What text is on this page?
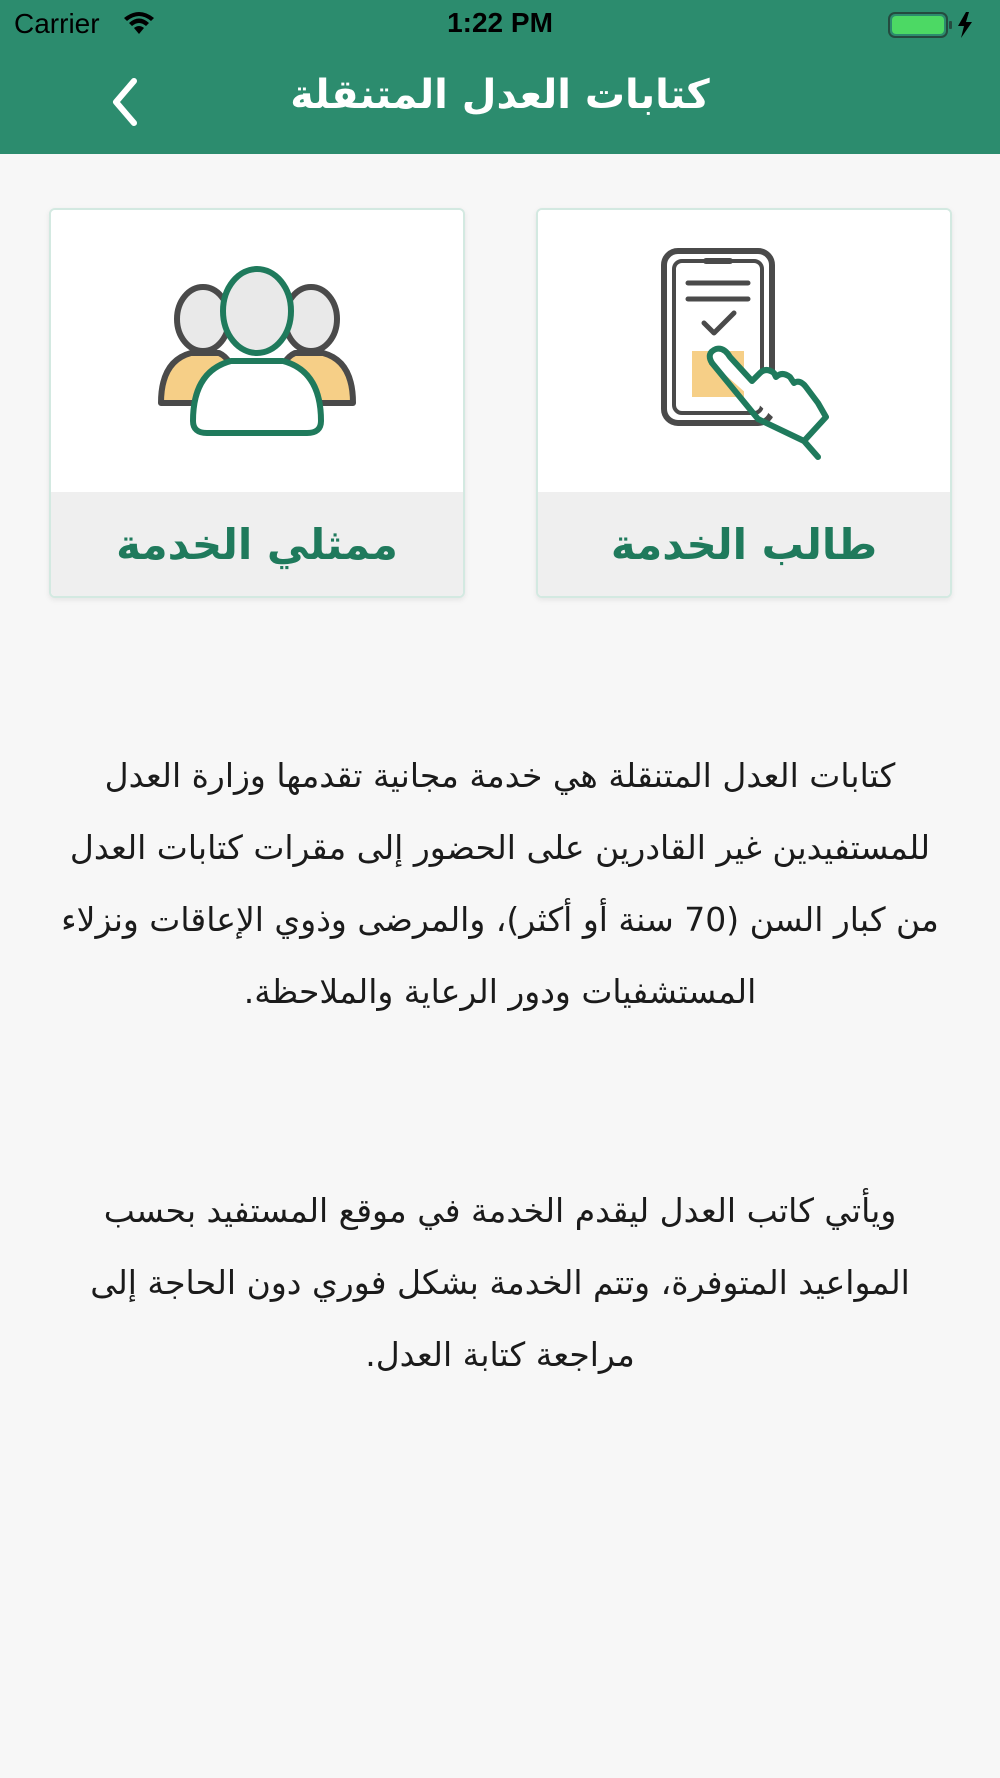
Carrier	1:22 PM
كتابات العدل المتنقلة
ممثلي الخدمة	طالب الخدمة

كتابات العدل المتنقلة هي خدمة مجانية تقدمها وزارة العدل للمستفيدين غير القادرين على الحضور إلى مقرات كتابات العدل من كبار السن (70 سنة أو أكثر)، والمرضى وذوي الإعاقات ونزلاء المستشفيات ودور الرعاية والملاحظة.

ويأتي كاتب العدل ليقدم الخدمة في موقع المستفيد بحسب المواعيد المتوفرة، وتتم الخدمة بشكل فوري دون الحاجة إلى مراجعة كتابة العدل.
